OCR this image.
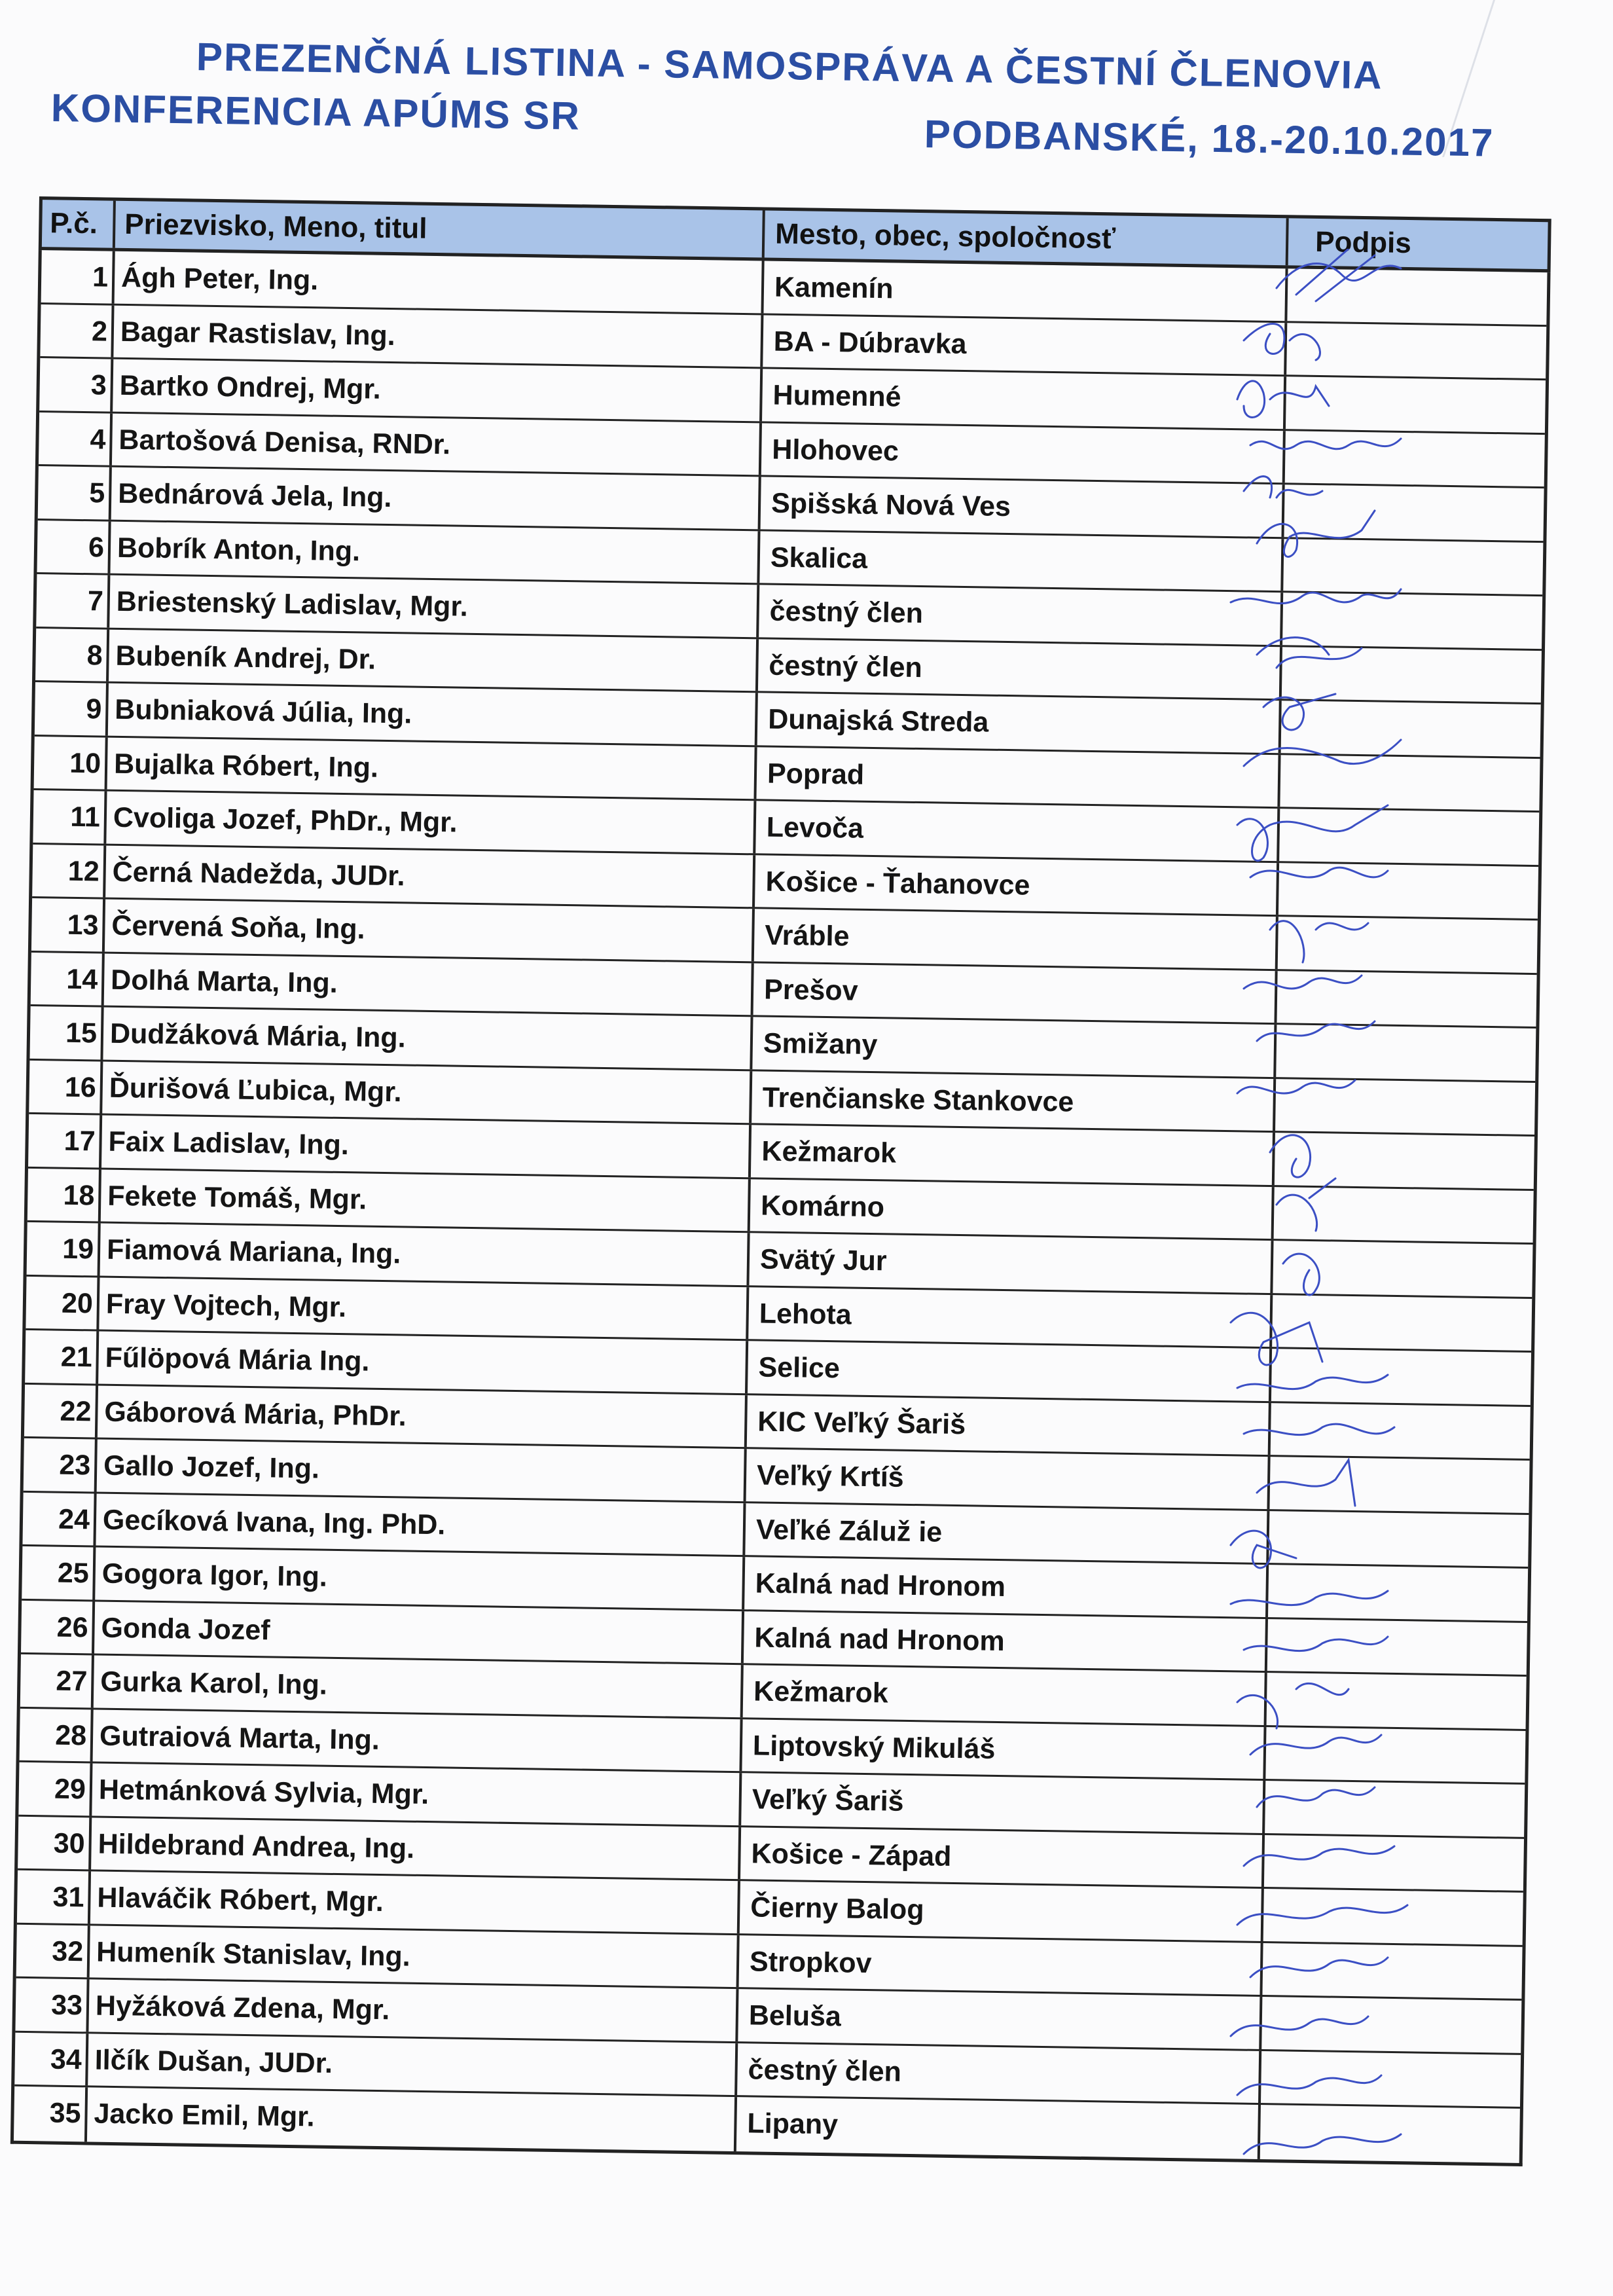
PREZENČNÁ LISTINA - SAMOSPRÁVA A ČESTNÍ ČLENOVIA
KONFERENCIA APÚMS SR
PODBANSKÉ, 18.-20.10.2017
P.č. Priezvisko, Meno, titul	Mesto, obec, spoločnosť	Podpis
1 Ágh Peter, Ing.	Kamenín
2 Bagar Rastislav, Ing.	BA - Dúbravka
3 Bartko Ondrej, Mgr.	Humenné
4 Bartošová Denisa, RNDr.	Hlohovec
5 Bednárová Jela, Ing.	Spišská Nová Ves
6 Bobrík Anton, Ing.	Skalica
7 Briestenský Ladislav, Mgr.	čestný člen
8 Bubeník Andrej, Dr.	čestný člen
9 Bubniaková Júlia, Ing.	Dunajská Streda
10 Bujalka Róbert, Ing.	Poprad
11 Cvoliga Jozef, PhDr., Mgr.	Levoča
12 Černá Nadežda, JUDr.	Košice - Ťahanovce
13 Červená Soňa, Ing.	Vráble
14 Dolhá Marta, Ing.	Prešov
15 Dudžáková Mária, Ing.	Smižany
16 Ďurišová Ľubica, Mgr.	Trenčianske Stankovce
17 Faix Ladislav, Ing.	Kežmarok
18 Fekete Tomáš, Mgr.	Komárno
19 Fiamová Mariana, Ing.	Svätý Jur
20 Fray Vojtech, Mgr.	Lehota
21 Fűlöpová Mária Ing.	Selice
22 Gáborová Mária, PhDr.	KIC Veľký Šariš
23 Gallo Jozef, Ing.	Veľký Krtíš
24 Gecíková Ivana, Ing. PhD.	Veľké Záluž ie
25 Gogora Igor, Ing.	Kalná nad Hronom
26 Gonda Jozef	Kalná nad Hronom
27 Gurka Karol, Ing.	Kežmarok
28 Gutraiová Marta, Ing.	Liptovský Mikuláš
29 Hetmánková Sylvia, Mgr.	Veľký Šariš
30 Hildebrand Andrea, Ing.	Košice - Západ
31 Hlaváčik Róbert, Mgr.	Čierny Balog
32 Humeník Stanislav, Ing.	Stropkov
33 Hyžáková Zdena, Mgr.	Beluša
34 Ilčík Dušan, JUDr.	čestný člen
35 Jacko Emil, Mgr.	Lipany
